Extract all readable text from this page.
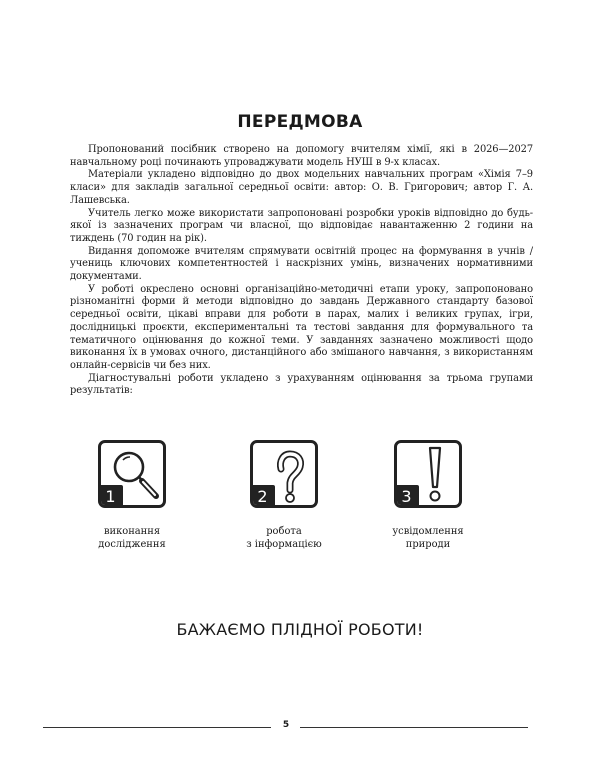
ПЕРЕДМОВА

Пропонований посібник створено на допомогу вчителям хімії, які в 2026—2027 навчальному році починають упроваджувати модель НУШ в 9-х класах.

Матеріали укладено відповідно до двох модельних навчальних програм «Хімія 7–9 класи» для закладів загальної середньої освіти: автор: О. В. Григорович; автор Г. А. Лашевська.

Учитель легко може використати запропоновані розробки уроків відповідно до будь-якої із зазначених програм чи власної, що відповідає навантаженню 2 години на тиждень (70 годин на рік).

Видання допоможе вчителям спрямувати освітній процес на формування в учнів / учениць ключових компетентностей і наскрізних умінь, визначених нормативними документами.

У роботі окреслено основні організаційно-методичні етапи уроку, запропоновано різноманітні форми й методи відповідно до завдань Державного стандарту базової середньої освіти, цікаві вправи для роботи в парах, малих і великих групах, ігри, дослідницькі проєкти, експериментальні та тестові завдання для формувального та тематичного оцінювання до кожної теми. У завданнях зазначено можливості щодо виконання їх в умовах очного, дистанційного або змішаного навчання, з використанням онлайн-сервісів чи без них.

Діагностувальні роботи укладено з урахуванням оцінювання за трьома групами результатів:

1
виконання
дослідження
2
робота
з інформацією
3
усвідомлення
природи
БАЖАЄМО ПЛІДНОЇ РОБОТИ!
5
